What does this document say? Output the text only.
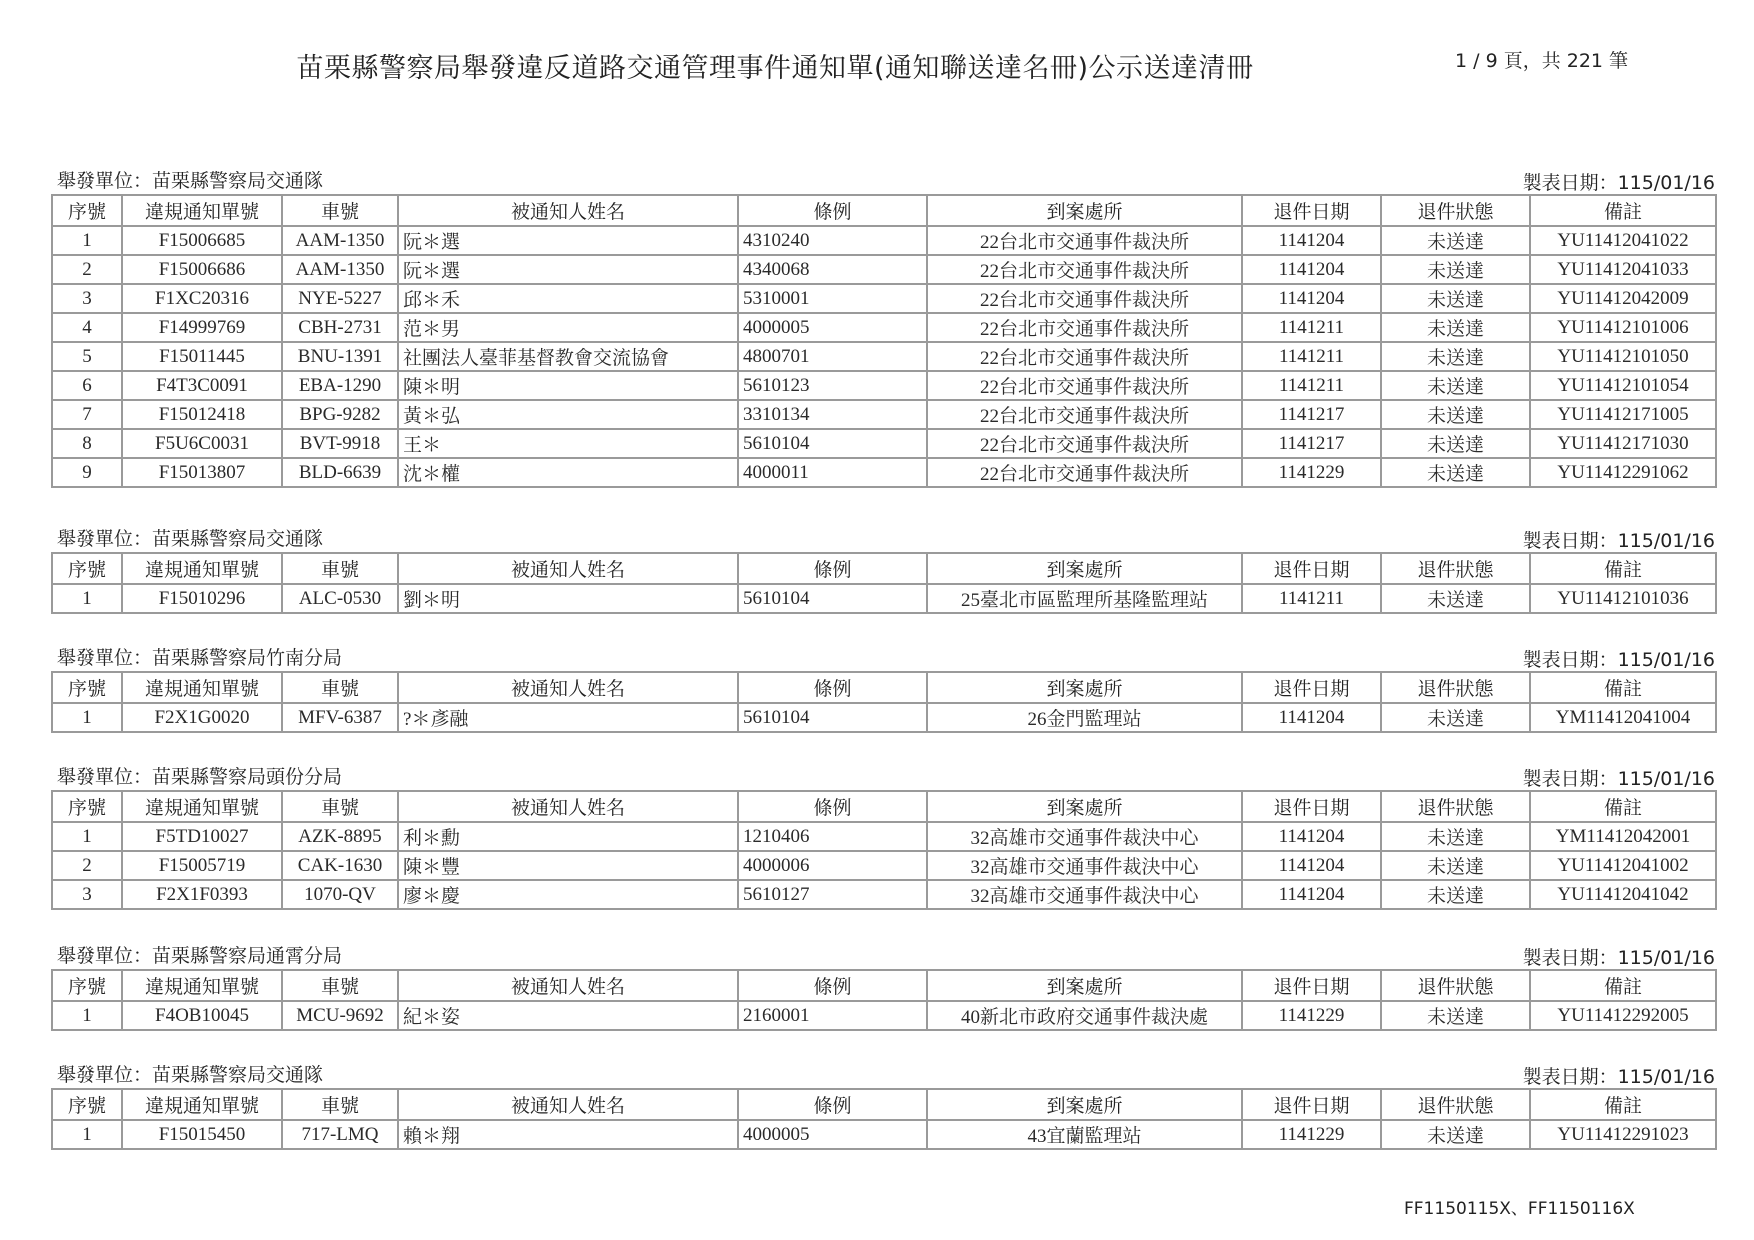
苗栗縣警察局舉發違反道路交通管理事件通知單(通知聯送達名冊)公示送達清冊	1 / 9 頁，共 221 筆
舉發單位：苗栗縣警察局交通隊	製表日期：115/01/16
序號	違規通知單號	車號	被通知人姓名	條例	到案處所	退件日期	退件狀態	備註
1	F15006685	AAM-1350	阮＊選	4310240	22台北市交通事件裁決所	1141204	未送達	YU11412041022
2	F15006686	AAM-1350	阮＊選	4340068	22台北市交通事件裁決所	1141204	未送達	YU11412041033
3	F1XC20316	NYE-5227	邱＊禾	5310001	22台北市交通事件裁決所	1141204	未送達	YU11412042009
4	F14999769	CBH-2731	范＊男	4000005	22台北市交通事件裁決所	1141211	未送達	YU11412101006
5	F15011445	BNU-1391	社團法人臺菲基督教會交流協會	4800701	22台北市交通事件裁決所	1141211	未送達	YU11412101050
6	F4T3C0091	EBA-1290	陳＊明	5610123	22台北市交通事件裁決所	1141211	未送達	YU11412101054
7	F15012418	BPG-9282	黃＊弘	3310134	22台北市交通事件裁決所	1141217	未送達	YU11412171005
8	F5U6C0031	BVT-9918	王＊	5610104	22台北市交通事件裁決所	1141217	未送達	YU11412171030
9	F15013807	BLD-6639	沈＊權	4000011	22台北市交通事件裁決所	1141229	未送達	YU11412291062
舉發單位：苗栗縣警察局交通隊	製表日期：115/01/16
序號	違規通知單號	車號	被通知人姓名	條例	到案處所	退件日期	退件狀態	備註
1	F15010296	ALC-0530	劉＊明	5610104	25臺北市區監理所基隆監理站	1141211	未送達	YU11412101036
舉發單位：苗栗縣警察局竹南分局	製表日期：115/01/16
序號	違規通知單號	車號	被通知人姓名	條例	到案處所	退件日期	退件狀態	備註
1	F2X1G0020	MFV-6387	?＊彥融	5610104	26金門監理站	1141204	未送達	YM11412041004
舉發單位：苗栗縣警察局頭份分局	製表日期：115/01/16
序號	違規通知單號	車號	被通知人姓名	條例	到案處所	退件日期	退件狀態	備註
1	F5TD10027	AZK-8895	利＊勳	1210406	32高雄市交通事件裁決中心	1141204	未送達	YM11412042001
2	F15005719	CAK-1630	陳＊豐	4000006	32高雄市交通事件裁決中心	1141204	未送達	YU11412041002
3	F2X1F0393	1070-QV	廖＊慶	5610127	32高雄市交通事件裁決中心	1141204	未送達	YU11412041042
舉發單位：苗栗縣警察局通霄分局	製表日期：115/01/16
序號	違規通知單號	車號	被通知人姓名	條例	到案處所	退件日期	退件狀態	備註
1	F4OB10045	MCU-9692	紀＊姿	2160001	40新北市政府交通事件裁決處	1141229	未送達	YU11412292005
舉發單位：苗栗縣警察局交通隊	製表日期：115/01/16
序號	違規通知單號	車號	被通知人姓名	條例	到案處所	退件日期	退件狀態	備註
1	F15015450	717-LMQ	賴＊翔	4000005	43宜蘭監理站	1141229	未送達	YU11412291023
FF1150115X、FF1150116X
